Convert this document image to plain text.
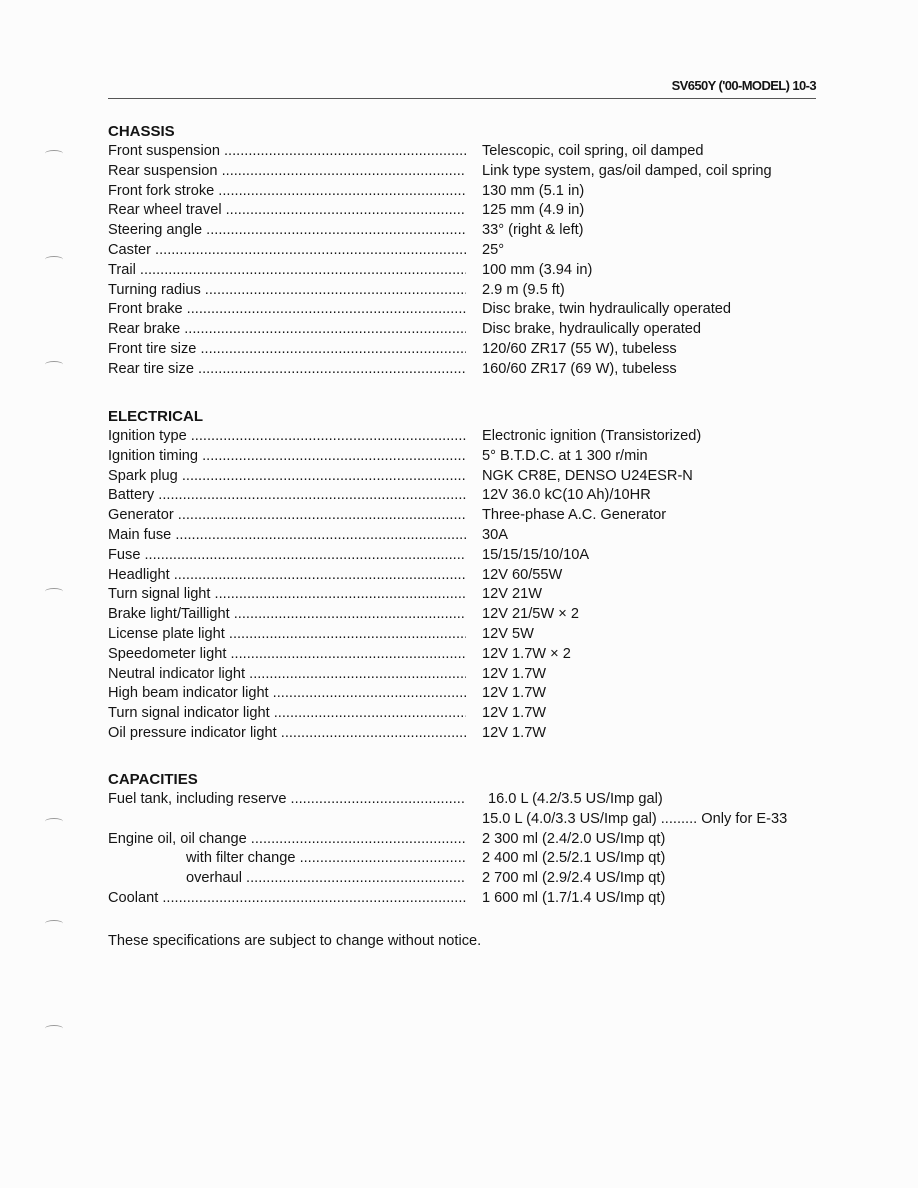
SV650Y ('00-MODEL) 10-3
CHASSIS
Front suspension .....	Telescopic, coil spring, oil damped
Rear suspension .....	Link type system, gas/oil damped, coil spring
Front fork stroke .....	130 mm (5.1 in)
Rear wheel travel .....	125 mm (4.9 in)
Steering angle .....	33° (right & left)
Caster .....	25°
Trail .....	100 mm (3.94 in)
Turning radius .....	2.9 m (9.5 ft)
Front brake .....	Disc brake, twin hydraulically operated
Rear brake .....	Disc brake, hydraulically operated
Front tire size .....	120/60 ZR17 (55 W), tubeless
Rear tire size .....	160/60 ZR17 (69 W), tubeless
ELECTRICAL
Ignition type .....	Electronic ignition (Transistorized)
Ignition timing .....	5° B.T.D.C. at 1 300 r/min
Spark plug .....	NGK CR8E, DENSO U24ESR-N
Battery .....	12V 36.0 kC(10 Ah)/10HR
Generator .....	Three-phase A.C. Generator
Main fuse .....	30A
Fuse .....	15/15/15/10/10A
Headlight .....	12V 60/55W
Turn signal light .....	12V 21W
Brake light/Taillight .....	12V 21/5W × 2
License plate light .....	12V 5W
Speedometer light .....	12V 1.7W × 2
Neutral indicator light .....	12V 1.7W
High beam indicator light .....	12V 1.7W
Turn signal indicator light .....	12V 1.7W
Oil pressure indicator light .....	12V 1.7W
CAPACITIES
Fuel tank, including reserve .....	16.0 L (4.2/3.5 US/Imp gal)
15.0 L (4.0/3.3 US/Imp gal) ......... Only for E-33
Engine oil, oil change .....	2 300 ml (2.4/2.0 US/Imp qt)
with filter change .....	2 400 ml (2.5/2.1 US/Imp qt)
overhaul .....	2 700 ml (2.9/2.4 US/Imp qt)
Coolant .....	1 600 ml (1.7/1.4 US/Imp qt)
These specifications are subject to change without notice.
